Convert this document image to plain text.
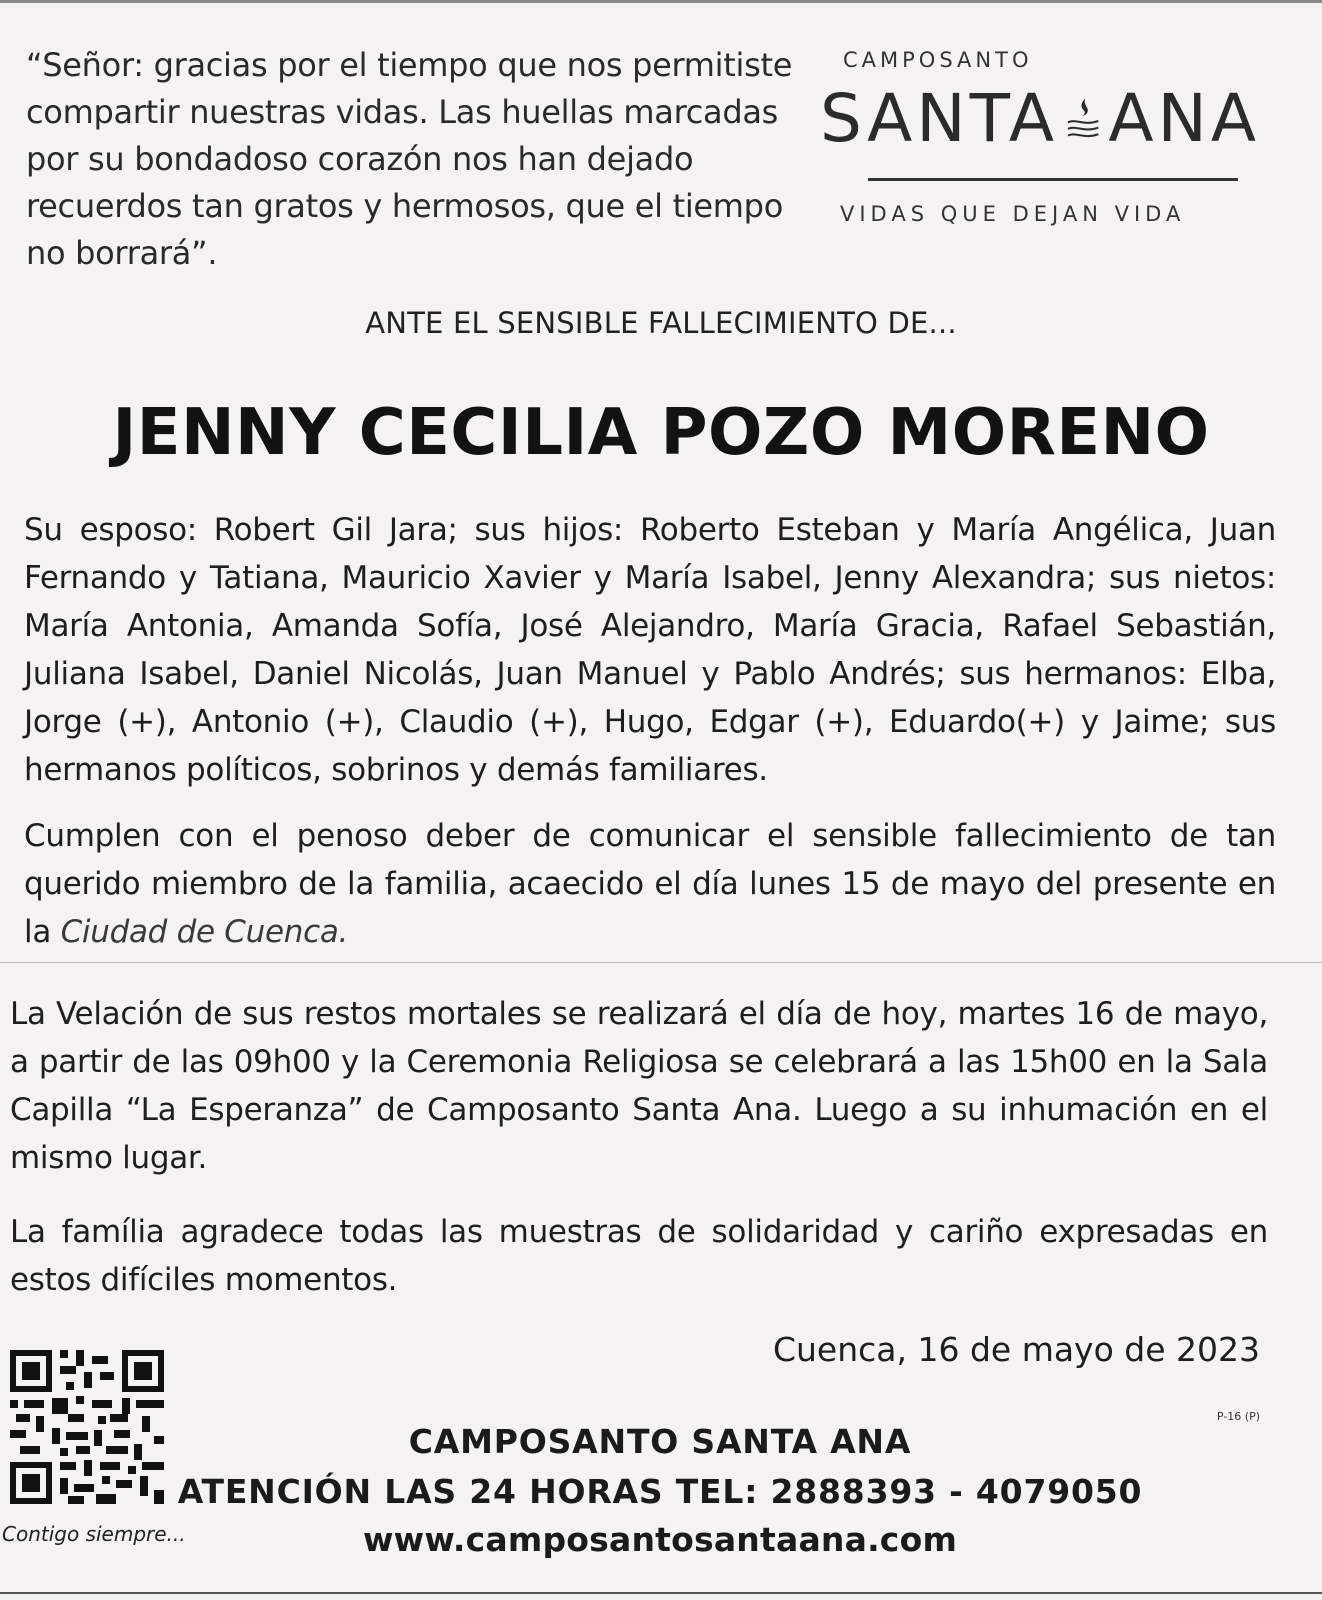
“Señor: gracias por el tiempo que nos permitiste
compartir nuestras vidas. Las huellas marcadas
por su bondadoso corazón nos han dejado
recuerdos tan gratos y hermosos, que el tiempo
no borrará”.
CAMPOSANTO
SANTA ANA
VIDAS QUE DEJAN VIDA
ANTE EL SENSIBLE FALLECIMIENTO DE...
JENNY CECILIA POZO MORENO
Su esposo: Robert Gil Jara; sus hijos: Roberto Esteban y María Angélica, Juan Fernando y Tatiana, Mauricio Xavier y María Isabel, Jenny Alexandra; sus nietos: María Antonia, Amanda Sofía, José Alejandro, María Gracia, Rafael Sebastián, Juliana Isabel, Daniel Nicolás, Juan Manuel y Pablo Andrés; sus hermanos: Elba, Jorge (+), Antonio (+), Claudio (+), Hugo, Edgar (+), Eduardo(+) y Jaime; sus hermanos políticos, sobrinos y demás familiares.
Cumplen con el penoso deber de comunicar el sensible fallecimiento de tan querido miembro de la familia, acaecido el día lunes 15 de mayo del presente en la Ciudad de Cuenca.
La Velación de sus restos mortales se realizará el día de hoy, martes 16 de mayo, a partir de las 09h00 y la Ceremonia Religiosa se celebrará a las 15h00 en la Sala Capilla “La Esperanza” de Camposanto Santa Ana. Luego a su inhumación en el mismo lugar.
La família agradece todas las muestras de solidaridad y cariño expresadas en estos difíciles momentos.
Cuenca, 16 de mayo de 2023
P-16 (P)
Contigo siempre...
CAMPOSANTO SANTA ANA
ATENCIÓN LAS 24 HORAS TEL: 2888393 - 4079050
www.camposantosantaana.com
